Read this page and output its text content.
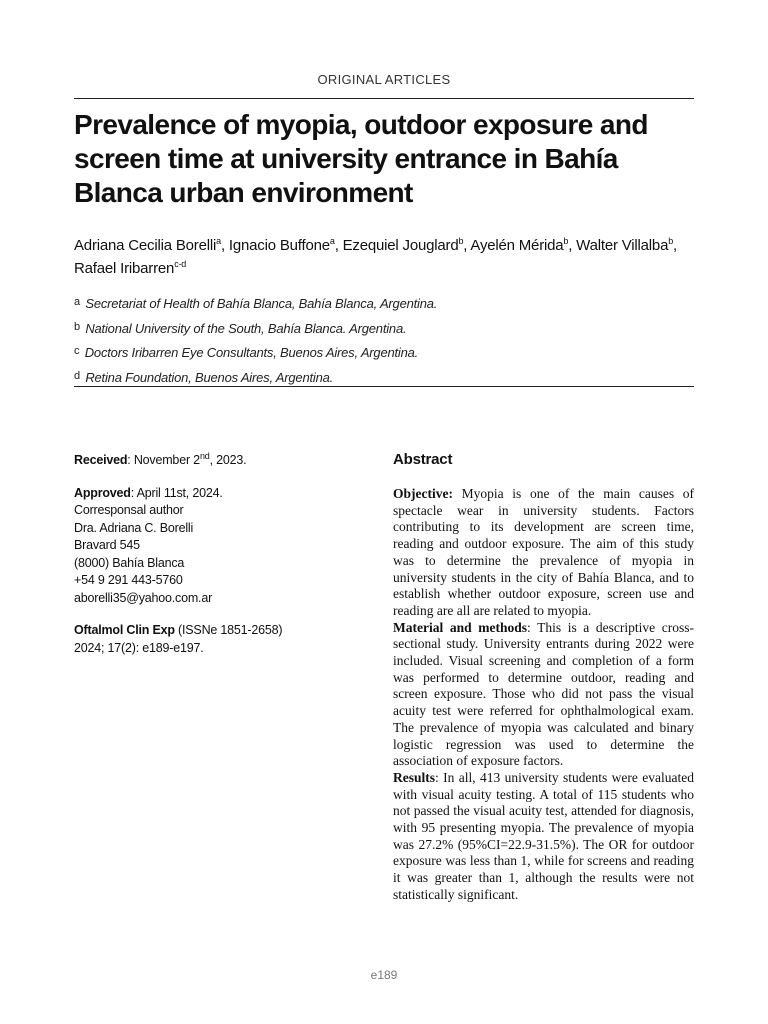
ORIGINAL ARTICLES
Prevalence of myopia, outdoor exposure and screen time at university entrance in Bahía Blanca urban environment
Adriana Cecilia Borelli$^a$, Ignacio Buffone$^a$, Ezequiel Jouglard$^b$, Ayelén Mérida$^b$, Walter Villalba$^b$, Rafael Iribarren$^{c-d}$
$^a$ Secretariat of Health of Bahía Blanca, Bahía Blanca, Argentina.
$^b$ National University of the South, Bahía Blanca. Argentina.
$^c$ Doctors Iribarren Eye Consultants, Buenos Aires, Argentina.
$^d$ Retina Foundation, Buenos Aires, Argentina.
Received: November 2nd, 2023.
Approved: April 11st, 2024.
Corresponsal author
Dra. Adriana C. Borelli
Bravard 545
(8000) Bahía Blanca
+54 9 291 443-5760
aborelli35@yahoo.com.ar
Oftalmol Clin Exp (ISSNe 1851-2658)
2024; 17(2): e189-e197.
Abstract

Objective: Myopia is one of the main causes of spectacle wear in university students. Factors contributing to its development are screen time, reading and outdoor exposure. The aim of this study was to determine the prevalence of myopia in university students in the city of Bahía Blanca, and to establish whether outdoor exposure, screen use and reading are all are related to myopia.

Material and methods: This is a descriptive cross-sectional study. University entrants during 2022 were included. Visual screening and completion of a form was performed to determine outdoor, reading and screen exposure. Those who did not pass the visual acuity test were referred for ophthalmological exam. The prevalence of myopia was calculated and binary logistic regression was used to determine the association of exposure factors.

Results: In all, 413 university students were evaluated with visual acuity testing. A total of 115 students who not passed the visual acuity test, attended for diagnosis, with 95 presenting myopia. The prevalence of myopia was 27.2% (95%CI=22.9-31.5%). The OR for outdoor exposure was less than 1, while for screens and reading it was greater than 1, although the results were not statistically significant.

e189
